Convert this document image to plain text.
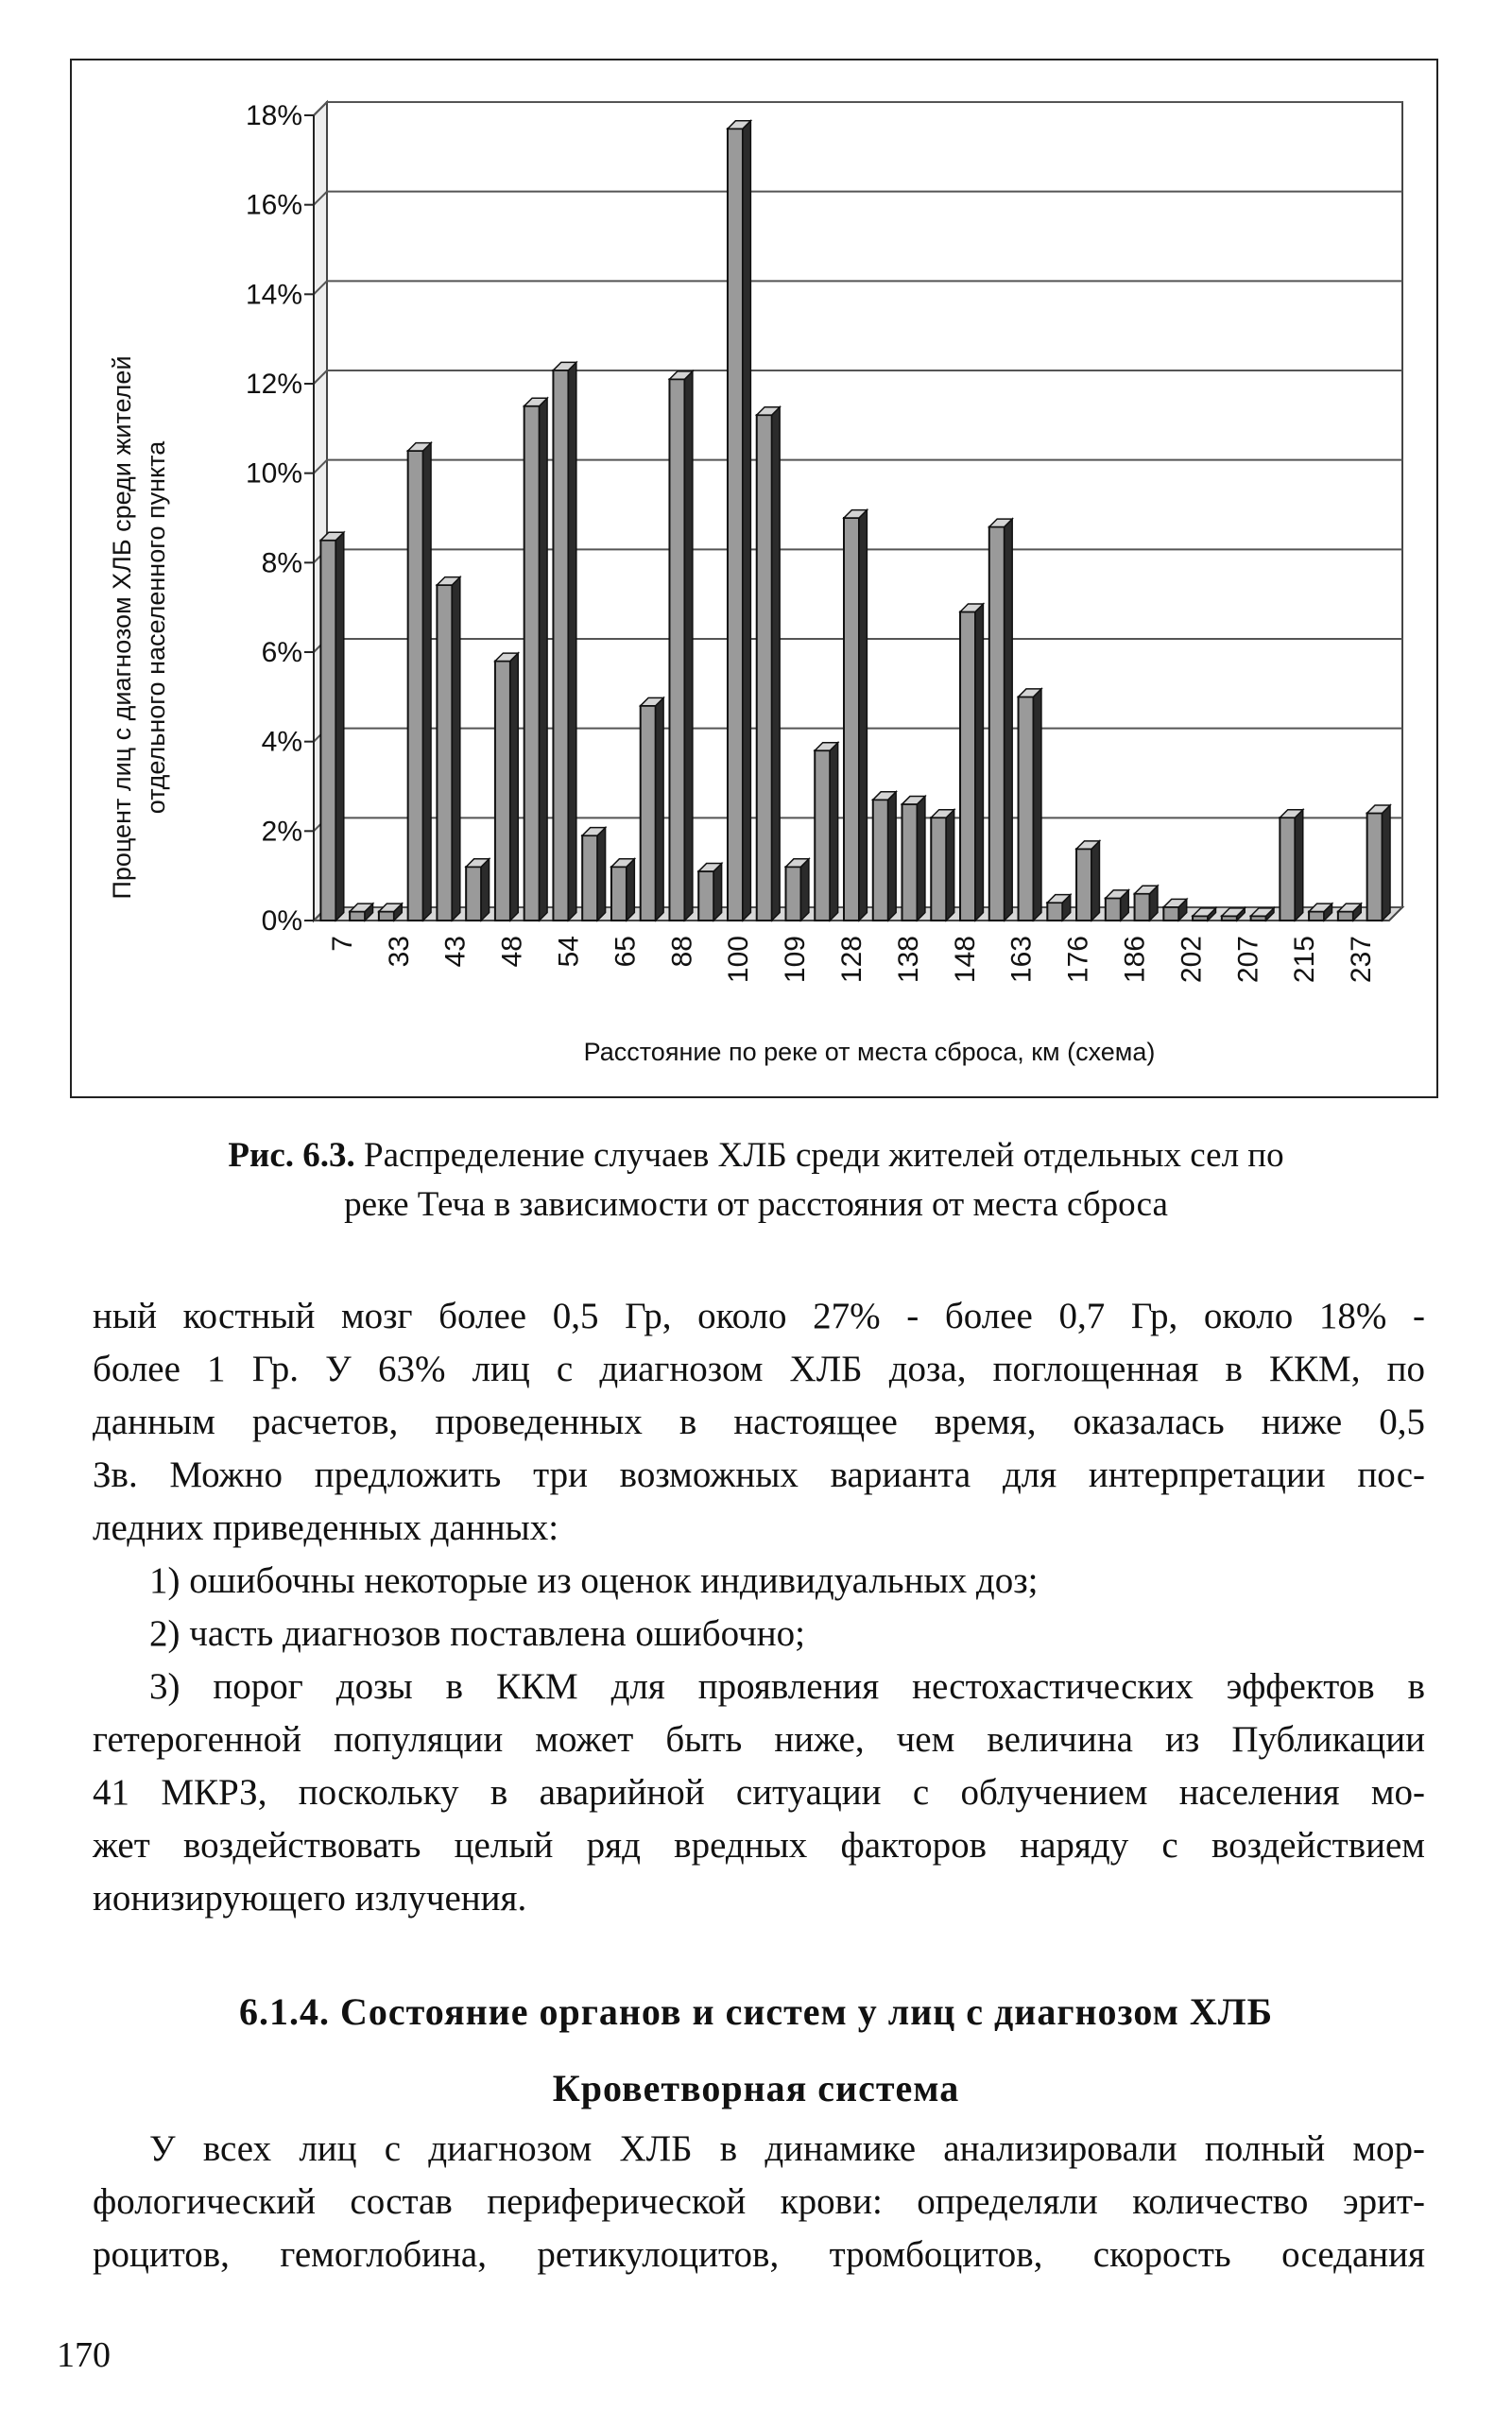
0%
2%
4%
6%
8%
10%
12%
14%
16%
18%
7 33 43 48 54 65 88 100 109 128 138 148 163 176 186 202 207 215 237
Процент лиц с диагнозом ХЛБ среди жителей отдельного населенного пункта
Расстояние по реке от места сброса, км (схема)
Рис. 6.3. Распределение случаев ХЛБ среди жителей отдельных сел по
реке Теча в зависимости от расстояния от места сброса

ный костный мозг более 0,5 Гр, около 27% - более 0,7 Гр, около 18% -

более 1 Гр. У 63% лиц с диагнозом ХЛБ доза, поглощенная в ККМ, по

данным расчетов, проведенных в настоящее время, оказалась ниже 0,5

Зв. Можно предложить три возможных варианта для интерпретации пос-

ледних приведенных данных:

1) ошибочны некоторые из оценок индивидуальных доз;

2) часть диагнозов поставлена ошибочно;

3) порог дозы в ККМ для проявления нестохастических эффектов в

гетерогенной популяции может быть ниже, чем величина из Публикации

41 МКРЗ, поскольку в аварийной ситуации с облучением населения мо-

жет воздействовать целый ряд вредных факторов наряду с воздействием

ионизирующего излучения.

6.1.4. Состояние органов и систем у лиц с диагнозом ХЛБ
Кроветворная система

У всех лиц с диагнозом ХЛБ в динамике анализировали полный мор-

фологический состав периферической крови: определяли количество эрит-

роцитов, гемоглобина, ретикулоцитов, тромбоцитов, скорость оседания

170
